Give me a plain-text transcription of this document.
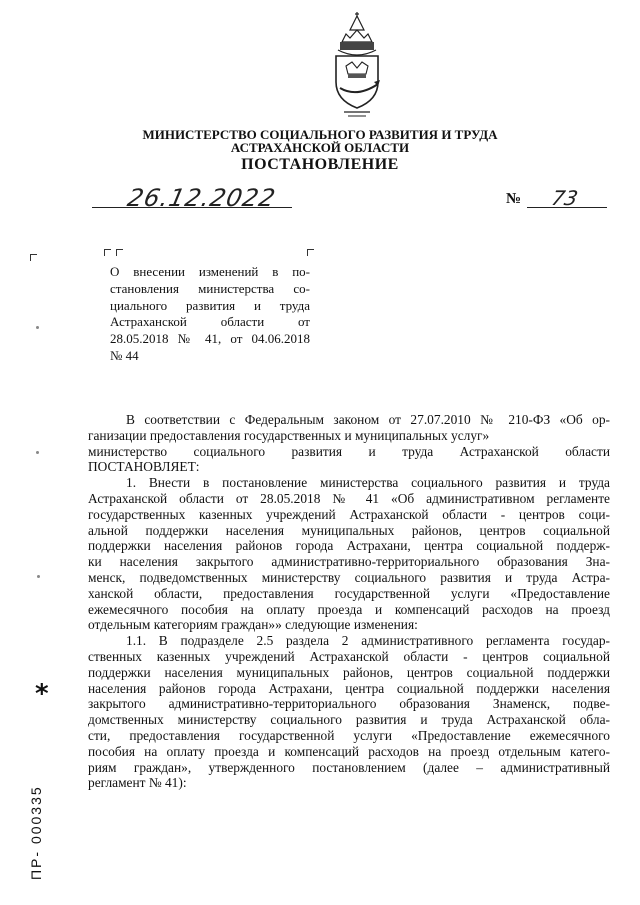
МИНИСТЕРСТВО СОЦИАЛЬНОГО РАЗВИТИЯ И ТРУДА
АСТРАХАНСКОЙ ОБЛАСТИ
ПОСТАНОВЛЕНИЕ
26.12.2022	№ 73
О внесении изменений в по-
становления министерства со-
циального развития и труда
Астраханской области от
28.05.2018 № 41, от 04.06.2018
№ 44
В соответствии с Федеральным законом от 27.07.2010 № 210-ФЗ «Об ор-
ганизации предоставления государственных и муниципальных услуг»
министерство социального развития и труда Астраханской области
ПОСТАНОВЛЯЕТ:
1. Внести в постановление министерства социального развития и труда
Астраханской области от 28.05.2018 № 41 «Об административном регламенте
государственных казенных учреждений Астраханской области - центров соци-
альной поддержки населения муниципальных районов, центров социальной
поддержки населения районов города Астрахани, центра социальной поддерж-
ки населения закрытого административно-территориального образования Зна-
менск, подведомственных министерству социального развития и труда Астра-
ханской области, предоставления государственной услуги «Предоставление
ежемесячного пособия на оплату проезда и компенсаций расходов на проезд
отдельным категориям граждан»» следующие изменения:
1.1. В подразделе 2.5 раздела 2 административного регламента государ-
ственных казенных учреждений Астраханской области - центров социальной
поддержки населения муниципальных районов, центров социальной поддержки
населения районов города Астрахани, центра социальной поддержки населения
закрытого административно-территориального образования Знаменск, подве-
домственных министерству социального развития и труда Астраханской обла-
сти, предоставления государственной услуги «Предоставление ежемесячного
пособия на оплату проезда и компенсаций расходов на проезд отдельным катего-
риям граждан», утвержденного постановлением (далее – административный
регламент № 41):
*
ПР- 000335
